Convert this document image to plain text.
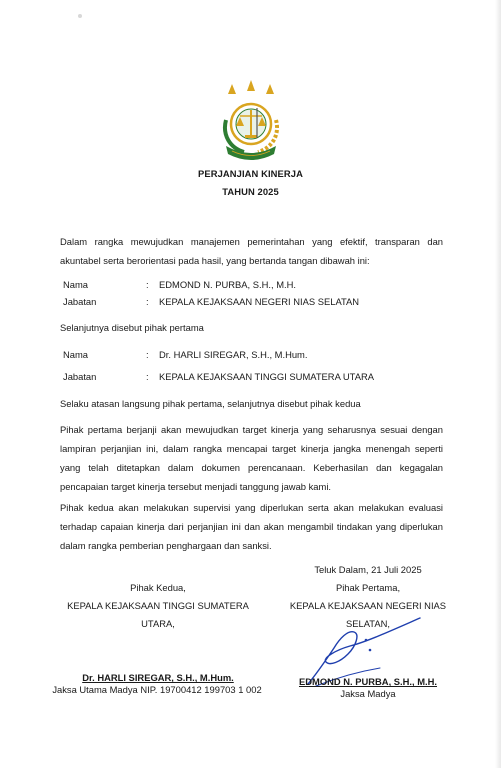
PERJANJIAN KINERJA
TAHUN 2025
Dalam rangka mewujudkan manajemen pemerintahan yang efektif, transparan dan akuntabel serta berorientasi pada hasil, yang bertanda tangan dibawah ini:
Nama	: EDMOND N. PURBA, S.H., M.H.
Jabatan	: KEPALA KEJAKSAAN NEGERI NIAS SELATAN
Selanjutnya disebut pihak pertama
Nama	: Dr. HARLI SIREGAR, S.H., M.Hum.
Jabatan	: KEPALA KEJAKSAAN TINGGI SUMATERA UTARA
Selaku atasan langsung pihak pertama, selanjutnya disebut pihak kedua
Pihak pertama berjanji akan mewujudkan target kinerja yang seharusnya sesuai dengan lampiran perjanjian ini, dalam rangka mencapai target kinerja jangka menengah seperti yang telah ditetapkan dalam dokumen perencanaan. Keberhasilan dan kegagalan pencapaian target kinerja tersebut menjadi tanggung jawab kami.
Pihak kedua akan melakukan supervisi yang diperlukan serta akan melakukan evaluasi terhadap capaian kinerja dari perjanjian ini dan akan mengambil tindakan yang diperlukan dalam rangka pemberian penghargaan dan sanksi.
Teluk Dalam, 21 Juli 2025
Pihak Kedua,
KEPALA KEJAKSAAN TINGGI SUMATERA
UTARA,
Dr. HARLI SIREGAR, S.H., M.Hum.
Jaksa Utama Madya NIP. 19700412 199703 1 002
Pihak Pertama,
KEPALA KEJAKSAAN NEGERI NIAS
SELATAN,
EDMOND N. PURBA, S.H., M.H.
Jaksa Madya
